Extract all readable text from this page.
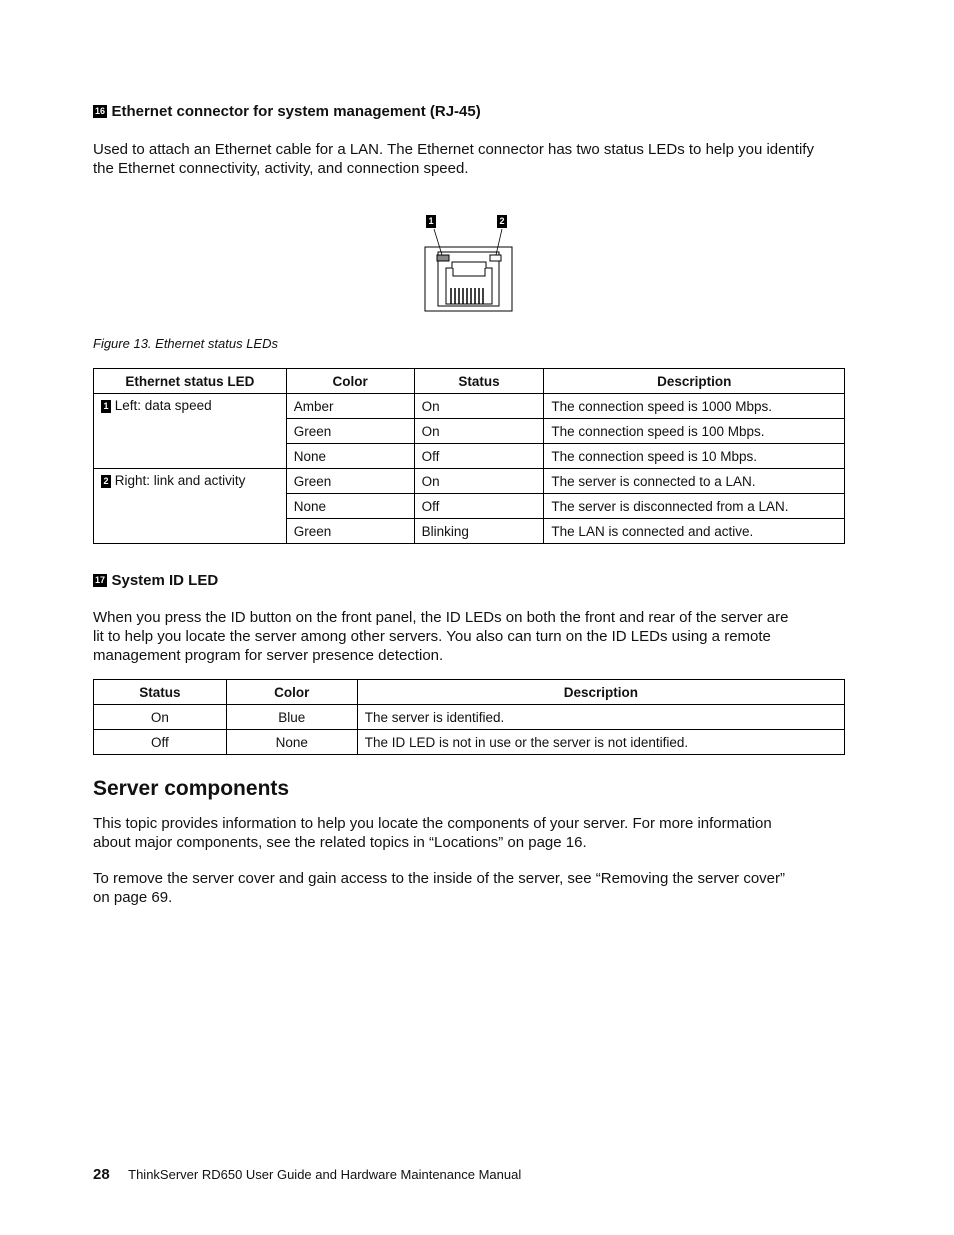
16 Ethernet connector for system management (RJ-45)

Used to attach an Ethernet cable for a LAN. The Ethernet connector has two status LEDs to help you identify

the Ethernet connectivity, activity, and connection speed.

1	2
Figure 13. Ethernet status LEDs
Ethernet status LED	Color	Status	Description
1 Left: data speed	Amber	On	The connection speed is 1000 Mbps.
	Green	On	The connection speed is 100 Mbps.
	None	Off	The connection speed is 10 Mbps.
2 Right: link and activity	Green	On	The server is connected to a LAN.
	None	Off	The server is disconnected from a LAN.
	Green	Blinking	The LAN is connected and active.
17 System ID LED

When you press the ID button on the front panel, the ID LEDs on both the front and rear of the server are

lit to help you locate the server among other servers. You also can turn on the ID LEDs using a remote

management program for server presence detection.

Status	Color	Description
On	Blue	The server is identified.
Off	None	The ID LED is not in use or the server is not identified.
Server components

This topic provides information to help you locate the components of your server. For more information

about major components, see the related topics in “Locations” on page 16.

To remove the server cover and gain access to the inside of the server, see “Removing the server cover”

on page 69.

28 ThinkServer RD650 User Guide and Hardware Maintenance Manual
